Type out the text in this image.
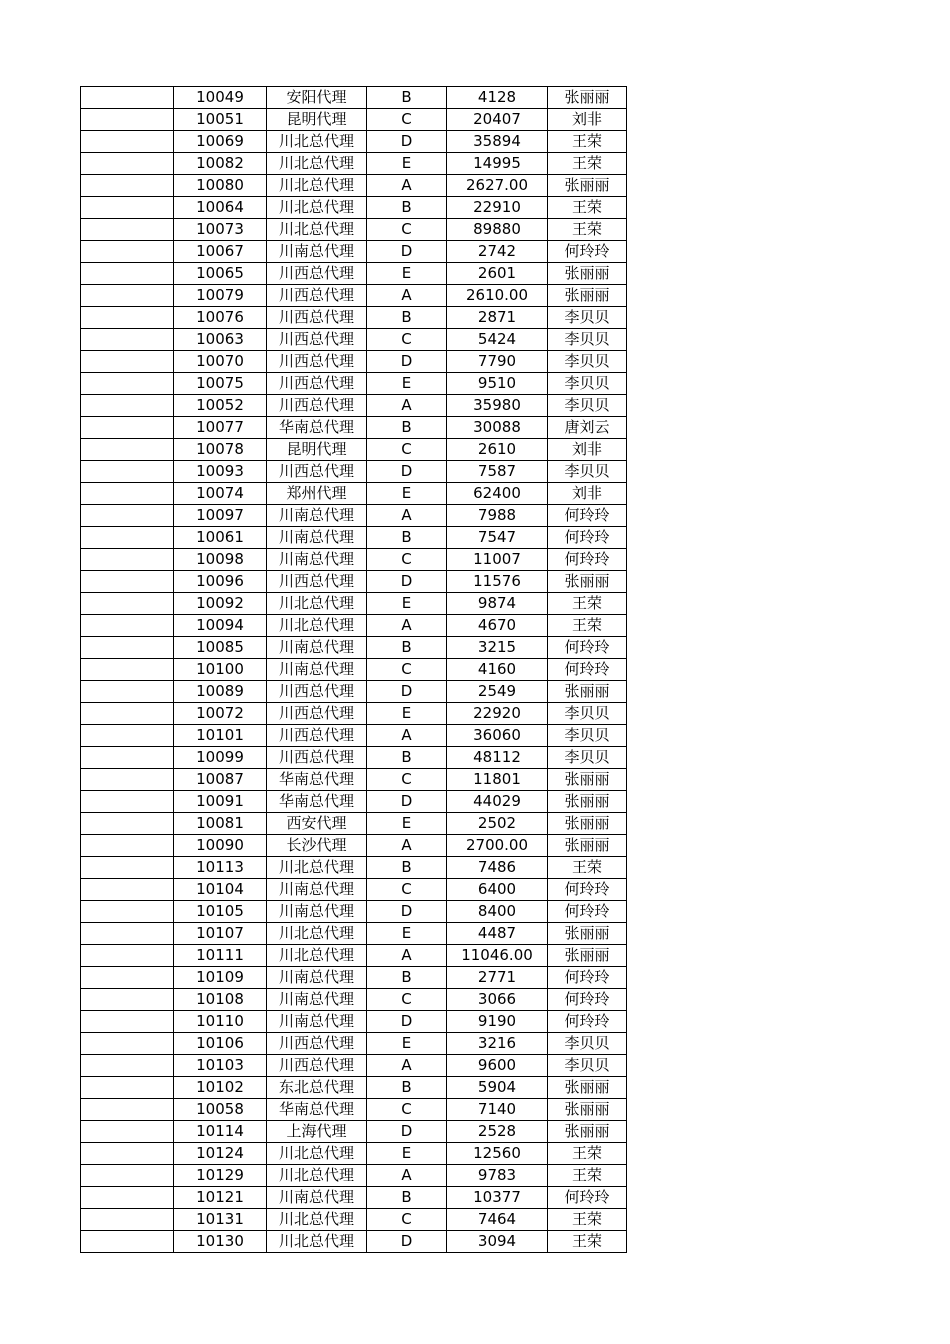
	10049	安阳代理	B	4128	张丽丽
	10051	昆明代理	C	20407	刘非
	10069	川北总代理	D	35894	王荣
	10082	川北总代理	E	14995	王荣
	10080	川北总代理	A	2627.00	张丽丽
	10064	川北总代理	B	22910	王荣
	10073	川北总代理	C	89880	王荣
	10067	川南总代理	D	2742	何玲玲
	10065	川西总代理	E	2601	张丽丽
	10079	川西总代理	A	2610.00	张丽丽
	10076	川西总代理	B	2871	李贝贝
	10063	川西总代理	C	5424	李贝贝
	10070	川西总代理	D	7790	李贝贝
	10075	川西总代理	E	9510	李贝贝
	10052	川西总代理	A	35980	李贝贝
	10077	华南总代理	B	30088	唐刘云
	10078	昆明代理	C	2610	刘非
	10093	川西总代理	D	7587	李贝贝
	10074	郑州代理	E	62400	刘非
	10097	川南总代理	A	7988	何玲玲
	10061	川南总代理	B	7547	何玲玲
	10098	川南总代理	C	11007	何玲玲
	10096	川西总代理	D	11576	张丽丽
	10092	川北总代理	E	9874	王荣
	10094	川北总代理	A	4670	王荣
	10085	川南总代理	B	3215	何玲玲
	10100	川南总代理	C	4160	何玲玲
	10089	川西总代理	D	2549	张丽丽
	10072	川西总代理	E	22920	李贝贝
	10101	川西总代理	A	36060	李贝贝
	10099	川西总代理	B	48112	李贝贝
	10087	华南总代理	C	11801	张丽丽
	10091	华南总代理	D	44029	张丽丽
	10081	西安代理	E	2502	张丽丽
	10090	长沙代理	A	2700.00	张丽丽
	10113	川北总代理	B	7486	王荣
	10104	川南总代理	C	6400	何玲玲
	10105	川南总代理	D	8400	何玲玲
	10107	川北总代理	E	4487	张丽丽
	10111	川北总代理	A	11046.00	张丽丽
	10109	川南总代理	B	2771	何玲玲
	10108	川南总代理	C	3066	何玲玲
	10110	川南总代理	D	9190	何玲玲
	10106	川西总代理	E	3216	李贝贝
	10103	川西总代理	A	9600	李贝贝
	10102	东北总代理	B	5904	张丽丽
	10058	华南总代理	C	7140	张丽丽
	10114	上海代理	D	2528	张丽丽
	10124	川北总代理	E	12560	王荣
	10129	川北总代理	A	9783	王荣
	10121	川南总代理	B	10377	何玲玲
	10131	川北总代理	C	7464	王荣
	10130	川北总代理	D	3094	王荣
